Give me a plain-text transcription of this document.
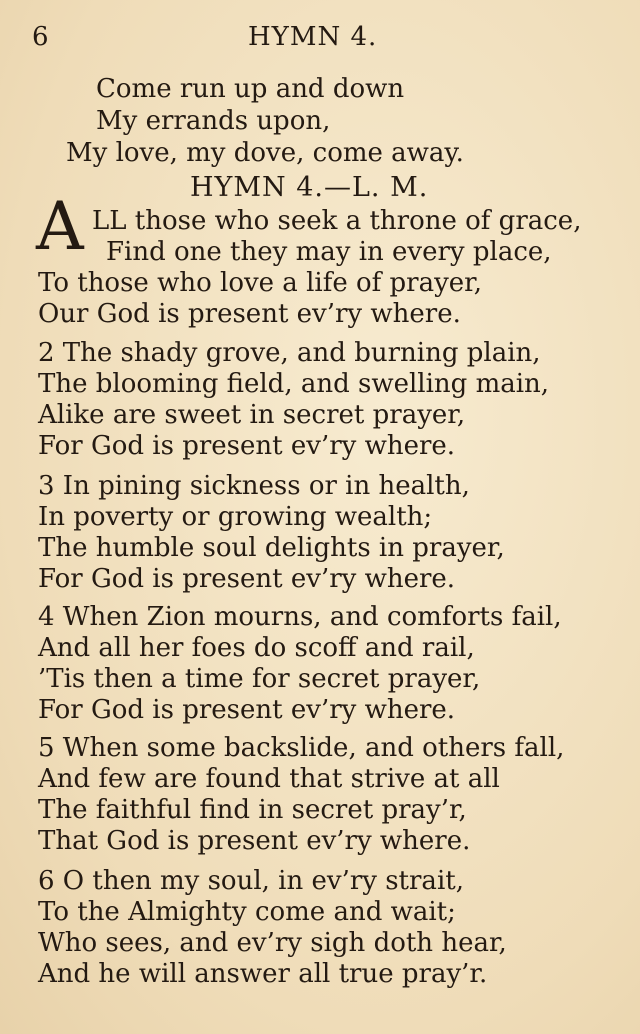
6	HYMN 4.
Come run up and down
My errands upon,
My love, my dove, come away.
HYMN 4.—L. M.
A LL those who seek a throne of grace,
Find one they may in every place,
To those who love a life of prayer,
Our God is present ev’ry where.
2 The shady grove, and burning plain,
The blooming field, and swelling main,
Alike are sweet in secret prayer,
For God is present ev’ry where.
3 In pining sickness or in health,
In poverty or growing wealth;
The humble soul delights in prayer,
For God is present ev’ry where.
4 When Zion mourns, and comforts fail,
And all her foes do scoff and rail,
’Tis then a time for secret prayer,
For God is present ev’ry where.
5 When some backslide, and others fall,
And few are found that strive at all
The faithful find in secret pray’r,
That God is present ev’ry where.
6 O then my soul, in ev’ry strait,
To the Almighty come and wait;
Who sees, and ev’ry sigh doth hear,
And he will answer all true pray’r.
